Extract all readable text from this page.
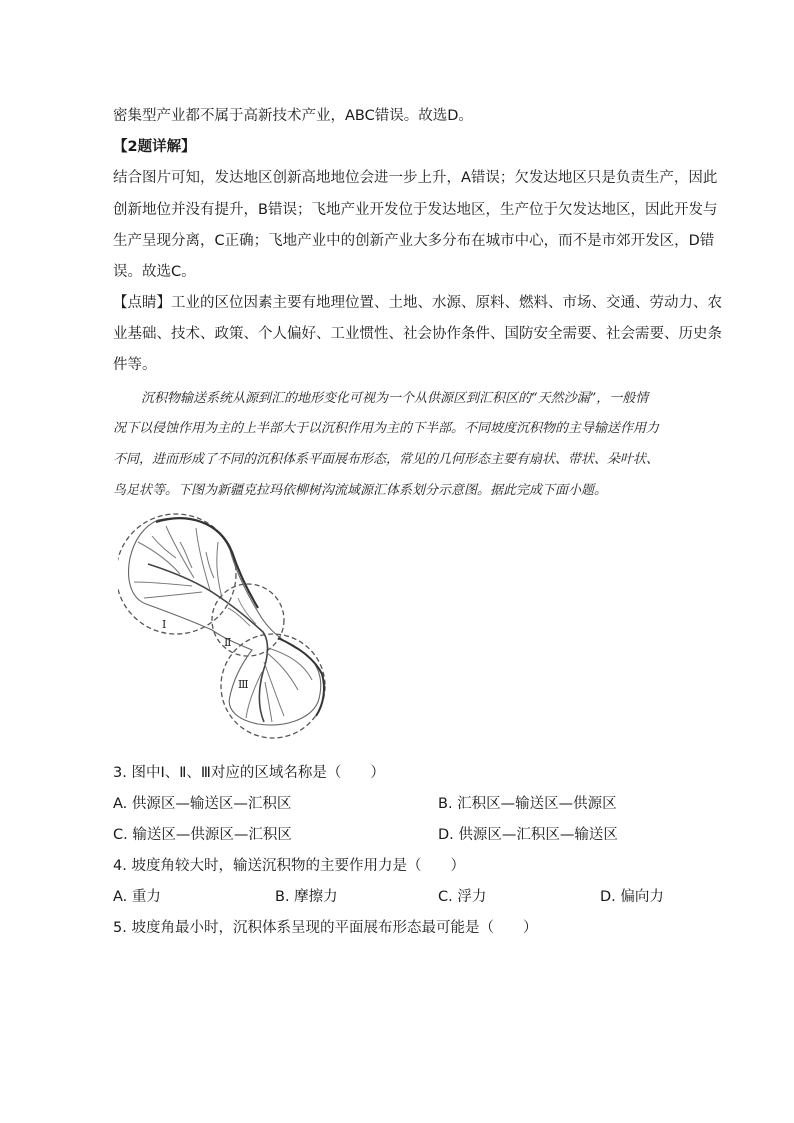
密集型产业都不属于高新技术产业，ABC错误。故选D。
【2题详解】
结合图片可知，发达地区创新高地地位会进一步上升，A错误；欠发达地区只是负责生产，因此
创新地位并没有提升，B错误；飞地产业开发位于发达地区，生产位于欠发达地区，因此开发与
生产呈现分离，C正确；飞地产业中的创新产业大多分布在城市中心，而不是市郊开发区，D错
误。故选C。
【点睛】工业的区位因素主要有地理位置、土地、水源、原料、燃料、市场、交通、劳动力、农
业基础、技术、政策、个人偏好、工业惯性、社会协作条件、国防安全需要、社会需要、历史条
件等。
沉积物输送系统从源到汇的地形变化可视为一个从供源区到汇积区的“天然沙漏”，一般情
况下以侵蚀作用为主的上半部大于以沉积作用为主的下半部。不同坡度沉积物的主导输送作用力
不同，进而形成了不同的沉积体系平面展布形态，常见的几何形态主要有扇状、带状、朵叶状、
鸟足状等。下图为新疆克拉玛依柳树沟流域源汇体系划分示意图。据此完成下面小题。
Ⅰ
Ⅱ
Ⅲ
3. 图中Ⅰ、Ⅱ、Ⅲ对应的区域名称是（　　）
A. 供源区—输送区—汇积区	B. 汇积区—输送区—供源区
C. 输送区—供源区—汇积区	D. 供源区—汇积区—输送区
4. 坡度角较大时，输送沉积物的主要作用力是（　　）
A. 重力	B. 摩擦力	C. 浮力	D. 偏向力
5. 坡度角最小时，沉积体系呈现的平面展布形态最可能是（　　）
